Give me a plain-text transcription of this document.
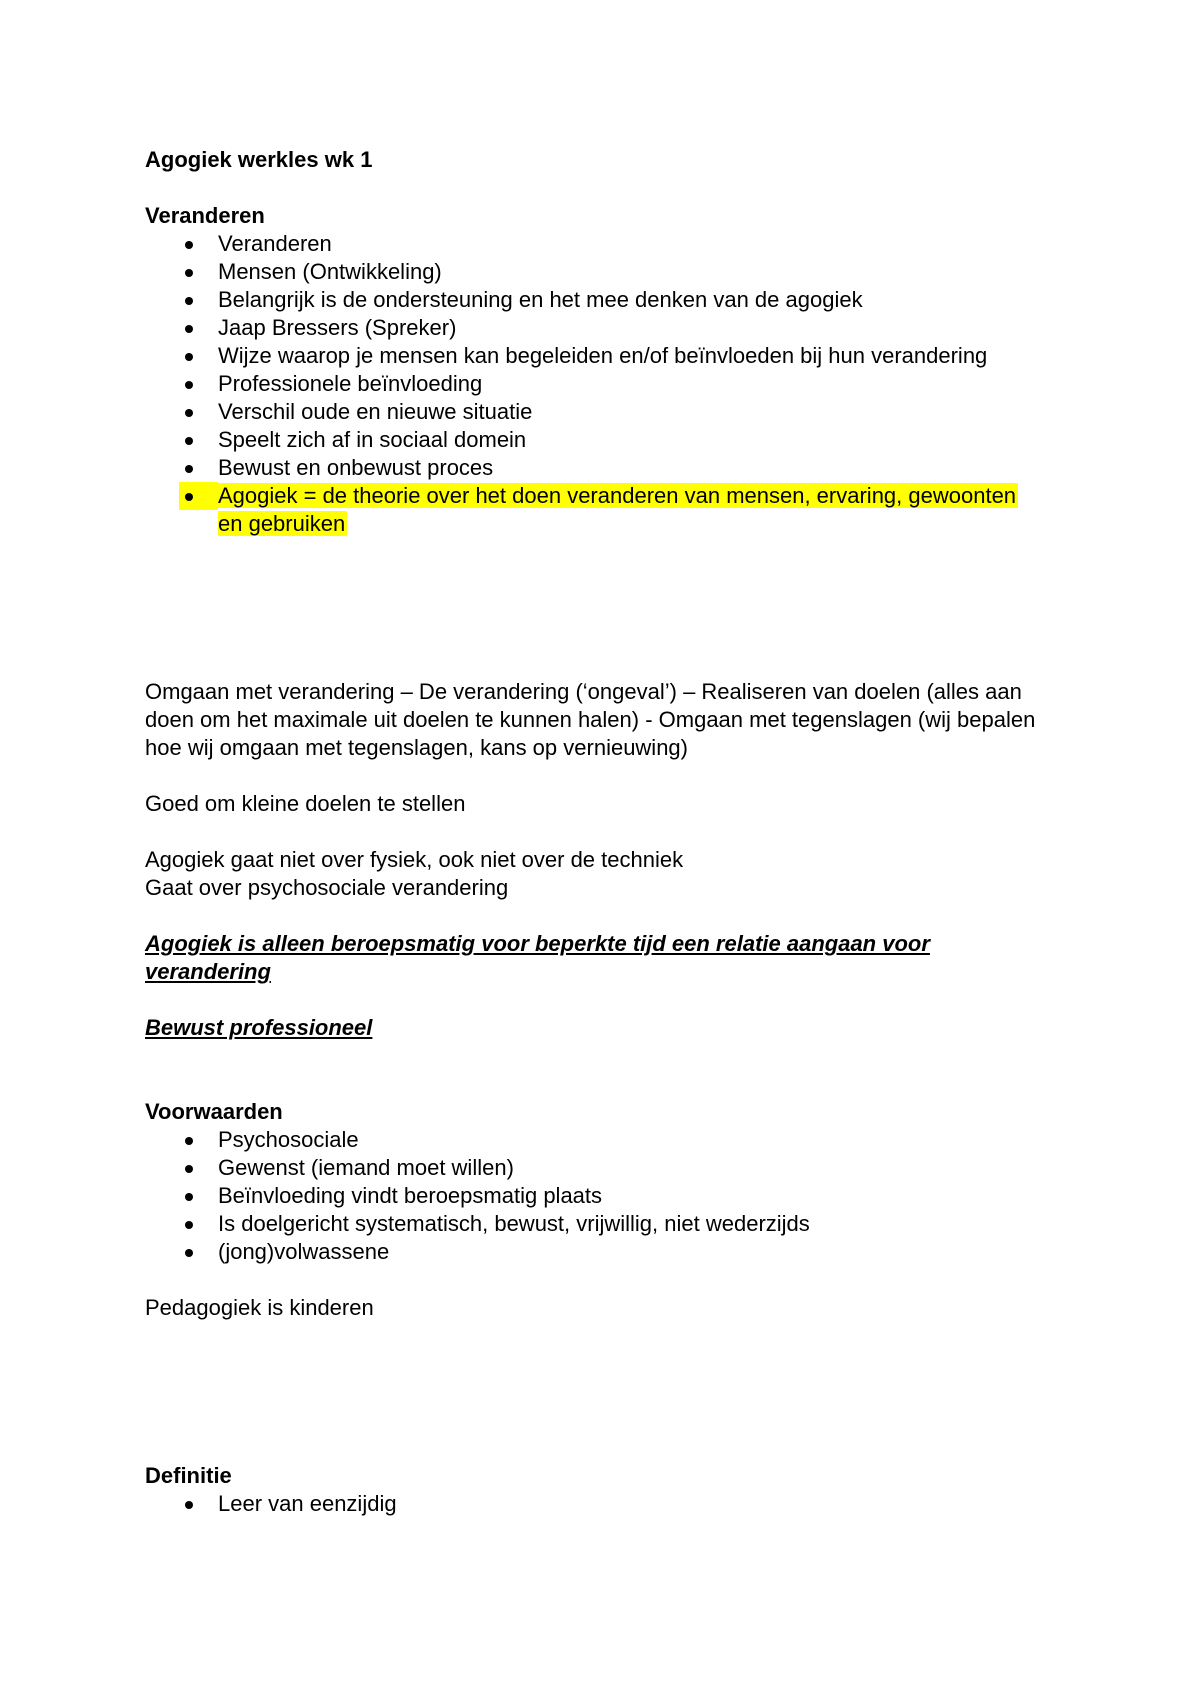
Agogiek werkles wk 1

Veranderen

Veranderen
Mensen (Ontwikkeling)
Belangrijk is de ondersteuning en het mee denken van de agogiek
Jaap Bressers (Spreker)
Wijze waarop je mensen kan begeleiden en/of beïnvloeden bij hun verandering
Professionele beïnvloeding
Verschil oude en nieuwe situatie
Speelt zich af in sociaal domein
Bewust en onbewust proces
Agogiek = de theorie over het doen veranderen van mensen, ervaring, gewoonten en gebruiken

Omgaan met verandering – De verandering (‘ongeval’) – Realiseren van doelen (alles aan doen om het maximale uit doelen te kunnen halen) - Omgaan met tegenslagen (wij bepalen hoe wij omgaan met tegenslagen, kans op vernieuwing)

Goed om kleine doelen te stellen

Agogiek gaat niet over fysiek, ook niet over de techniek

Gaat over psychosociale verandering

Agogiek is alleen beroepsmatig voor beperkte tijd een relatie aangaan voor verandering

Bewust professioneel

Voorwaarden

Psychosociale
Gewenst (iemand moet willen)
Beïnvloeding vindt beroepsmatig plaats
Is doelgericht systematisch, bewust, vrijwillig, niet wederzijds
(jong)volwassene

Pedagogiek is kinderen

Definitie

Leer van eenzijdig
